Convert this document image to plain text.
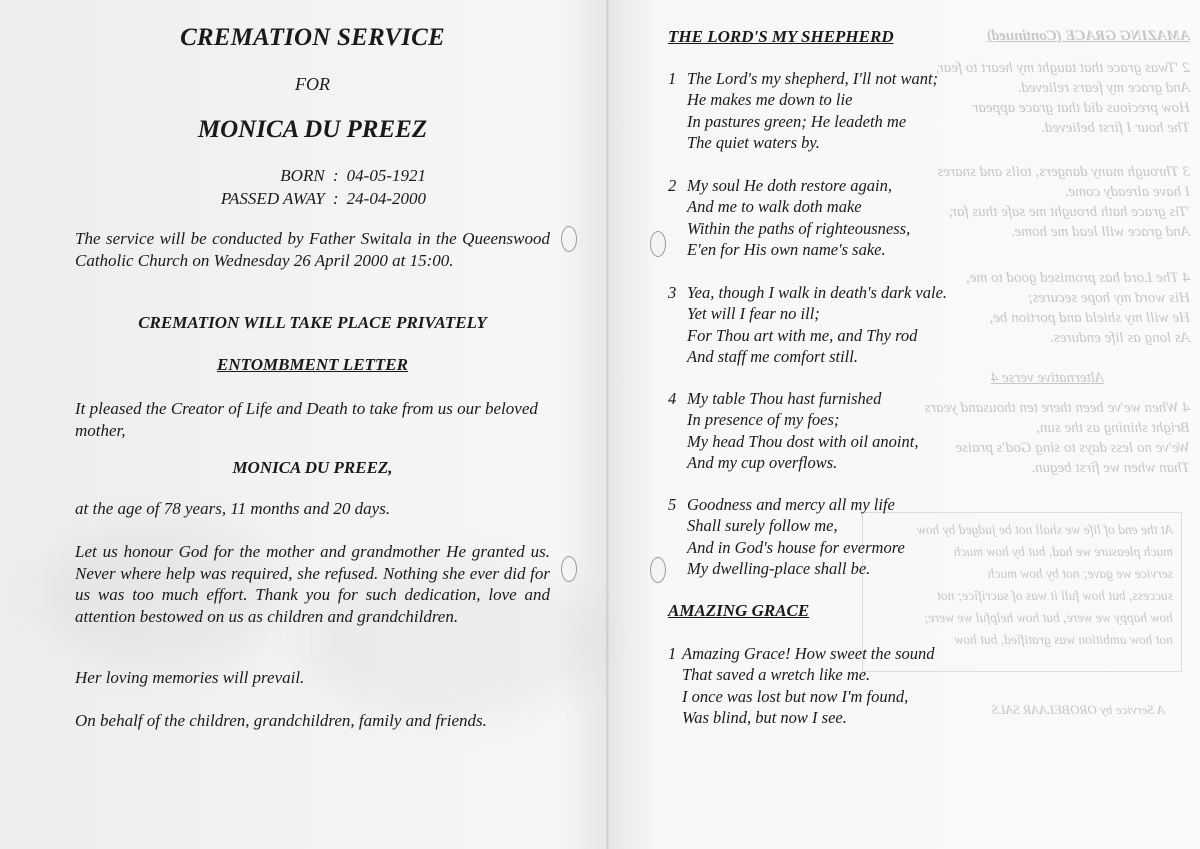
AMAZING GRACE (Continued)
2 'Twas grace that taught my heart to fear,
And grace my fears relieved.
How precious did that grace appear
The hour I first believed.
3 Through many dangers, toils and snares
I have already come.
'Tis grace hath brought me safe thus far,
And grace will lead me home.
4 The Lord has promised good to me,
His word my hope secures;
He will my shield and portion be,
As long as life endures.
Alternative verse 4
4 When we've been there ten thousand years
Bright shining as the sun,
We've no less days to sing God's praise
Than when we first begun.
At the end of life we shall not be judged by how
much pleasure we had, but by how much
service we gave; not by how much
success, but how full it was of sacrifice; not
how happy we were, but how helpful we were;
not how ambition was gratified, but how
A Service by OROBELAAR SALS
CREMATION SERVICE
FOR
MONICA DU PREEZ
BORN : 04-05-1921
PASSED AWAY : 24-04-2000

The service will be conducted by Father Switala in the Queenswood Catholic Church on Wednesday 26 April 2000 at 15:00.

CREMATION WILL TAKE PLACE PRIVATELY
ENTOMBMENT LETTER

It pleased the Creator of Life and Death to take from us our beloved mother,

MONICA DU PREEZ,

at the age of 78 years, 11 months and 20 days.

Let us honour God for the mother and grandmother He granted us. Never where help was required, she refused. Nothing she ever did for us was too much effort. Thank you for such dedication, love and attention bestowed on us as children and grandchildren.

Her loving memories will prevail.

On behalf of the children, grandchildren, family and friends.

THE LORD'S MY SHEPHERD
1 The Lord's my shepherd, I'll not want;
He makes me down to lie
In pastures green; He leadeth me
The quiet waters by.
2 My soul He doth restore again,
And me to walk doth make
Within the paths of righteousness,
E'en for His own name's sake.
3 Yea, though I walk in death's dark vale.
Yet will I fear no ill;
For Thou art with me, and Thy rod
And staff me comfort still.
4 My table Thou hast furnished
In presence of my foes;
My head Thou dost with oil anoint,
And my cup overflows.
5 Goodness and mercy all my life
Shall surely follow me,
And in God's house for evermore
My dwelling-place shall be.
AMAZING GRACE
1 Amazing Grace! How sweet the sound
That saved a wretch like me.
I once was lost but now I'm found,
Was blind, but now I see.
